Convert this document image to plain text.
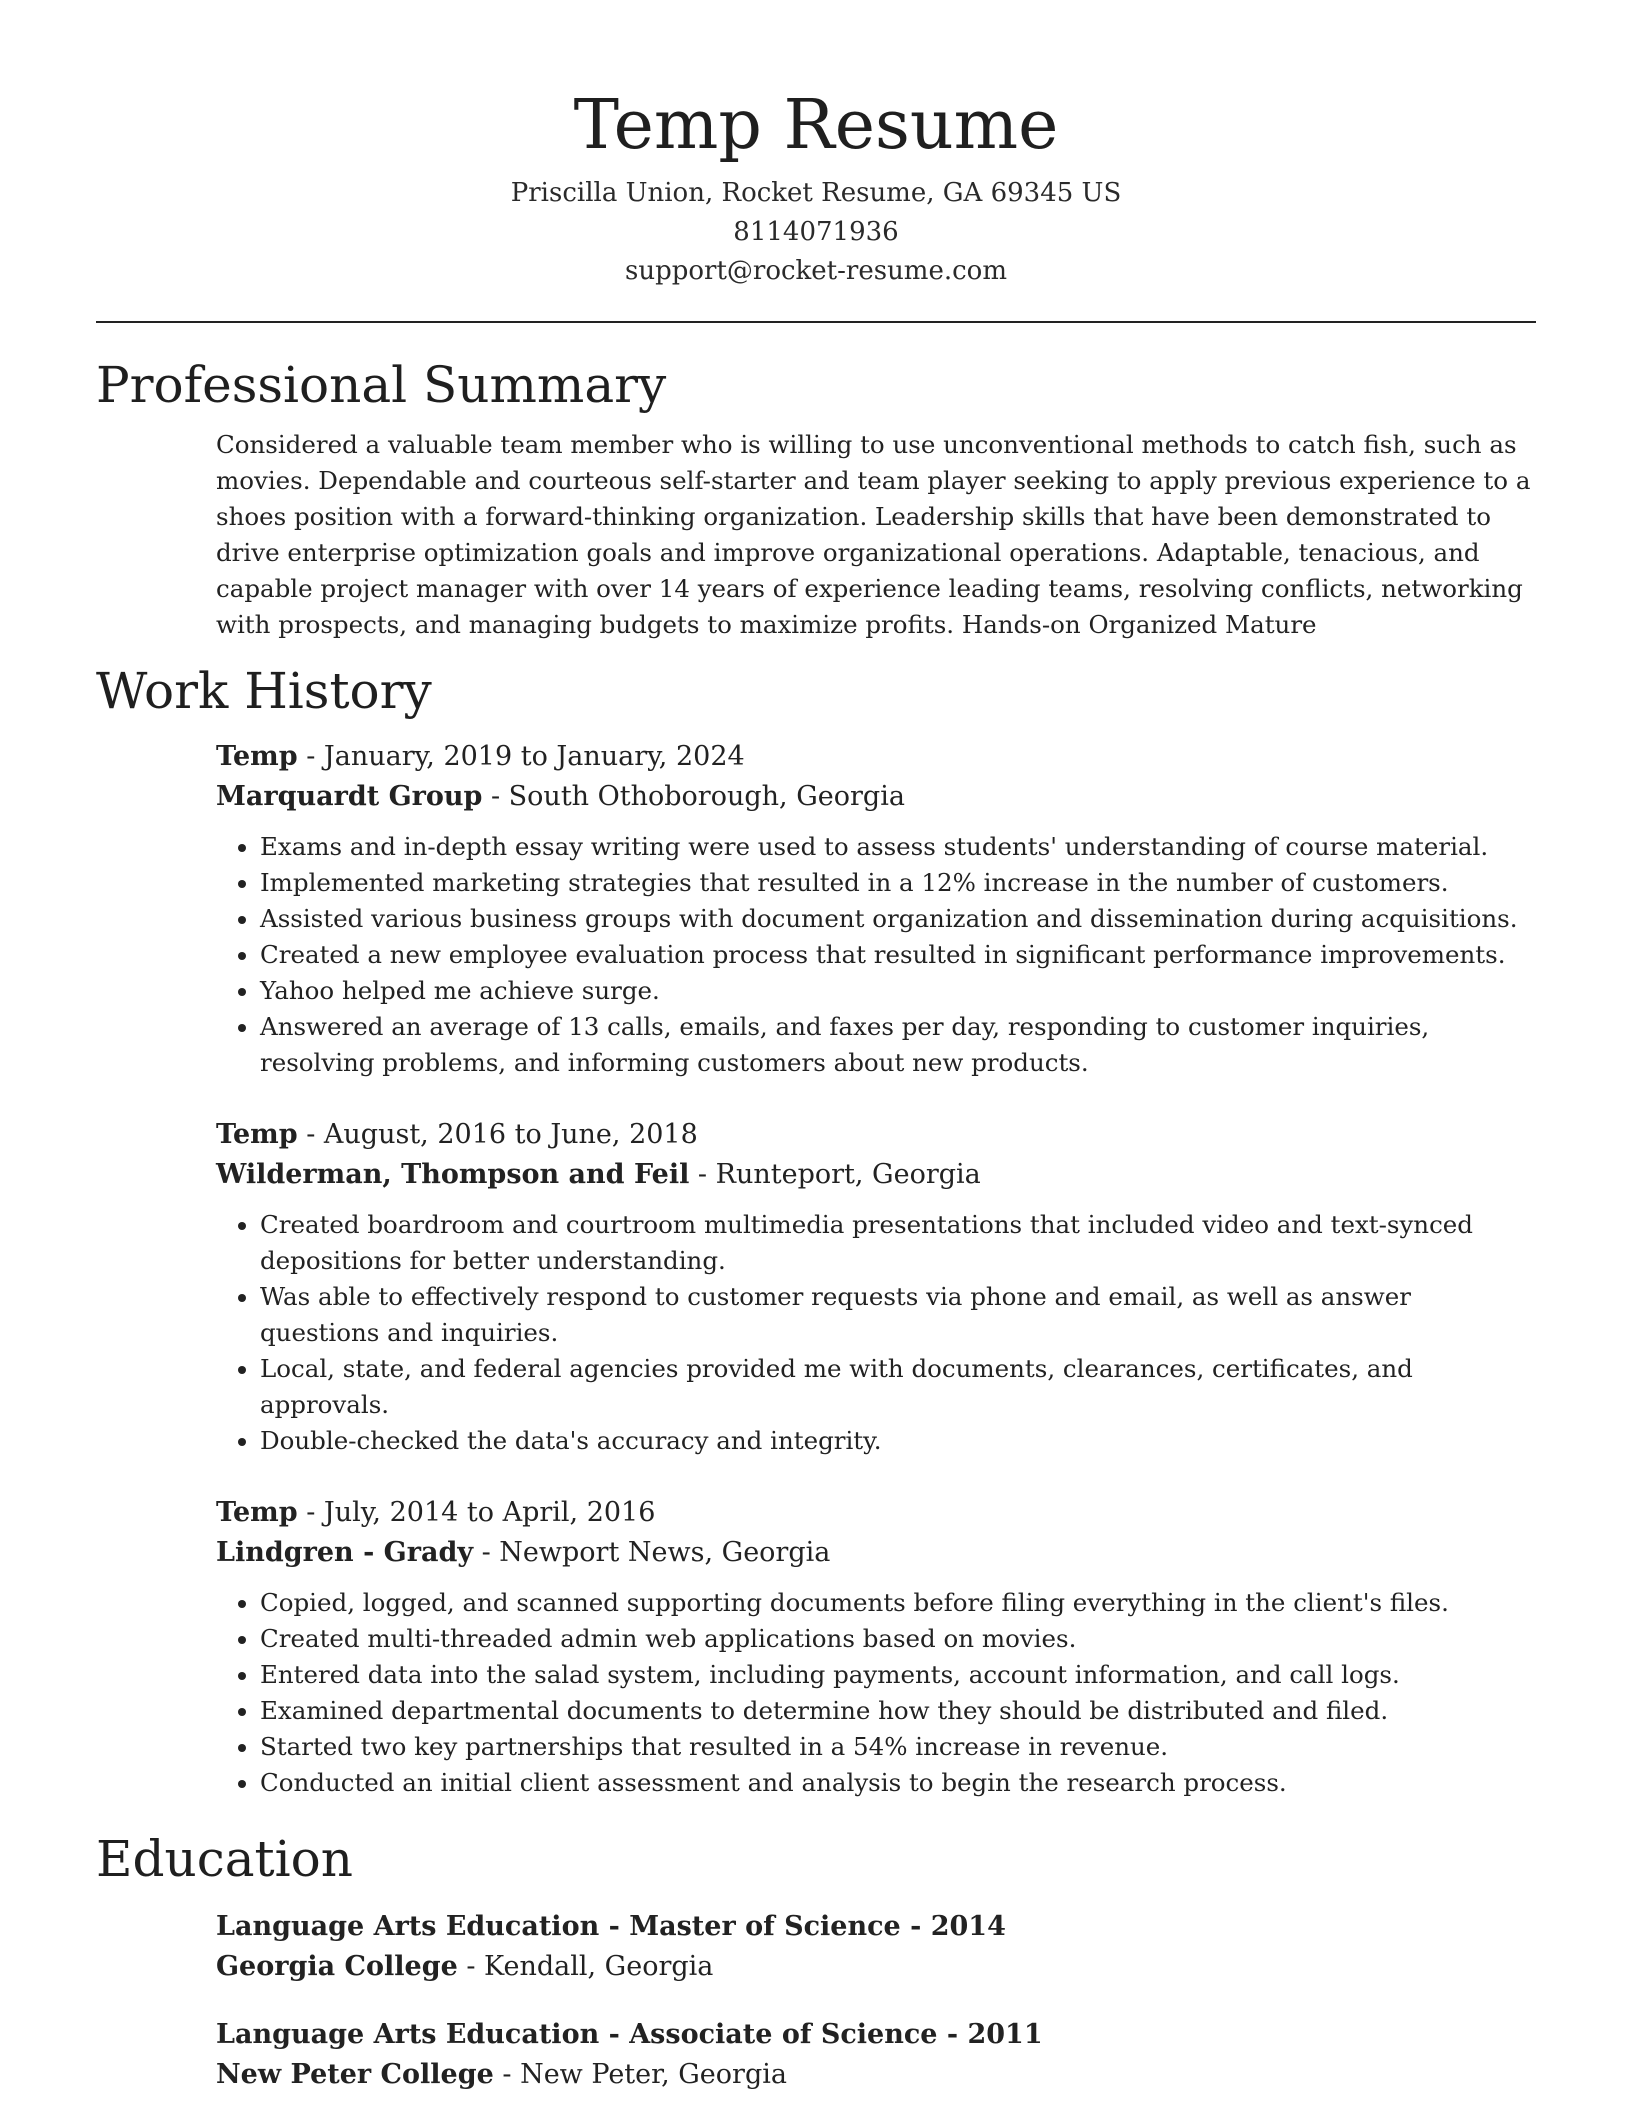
Temp Resume
Priscilla Union, Rocket Resume, GA 69345 US
8114071936
support@rocket-resume.com
Professional Summary

Considered a valuable team member who is willing to use unconventional methods to catch fish, such as movies. Dependable and courteous self-starter and team player seeking to apply previous experience to a shoes position with a forward-thinking organization. Leadership skills that have been demonstrated to drive enterprise optimization goals and improve organizational operations. Adaptable, tenacious, and capable project manager with over 14 years of experience leading teams, resolving conflicts, networking with prospects, and managing budgets to maximize profits. Hands-on Organized Mature

Work History
Temp - January, 2019 to January, 2024
Marquardt Group - South Othoborough, Georgia
• Exams and in-depth essay writing were used to assess students' understanding of course material.
• Implemented marketing strategies that resulted in a 12% increase in the number of customers.
• Assisted various business groups with document organization and dissemination during acquisitions.
• Created a new employee evaluation process that resulted in significant performance improvements.
• Yahoo helped me achieve surge.
• Answered an average of 13 calls, emails, and faxes per day, responding to customer inquiries, resolving problems, and informing customers about new products.
Temp - August, 2016 to June, 2018
Wilderman, Thompson and Feil - Runteport, Georgia
• Created boardroom and courtroom multimedia presentations that included video and text-synced depositions for better understanding.
• Was able to effectively respond to customer requests via phone and email, as well as answer questions and inquiries.
• Local, state, and federal agencies provided me with documents, clearances, certificates, and approvals.
• Double-checked the data's accuracy and integrity.
Temp - July, 2014 to April, 2016
Lindgren - Grady - Newport News, Georgia
• Copied, logged, and scanned supporting documents before filing everything in the client's files.
• Created multi-threaded admin web applications based on movies.
• Entered data into the salad system, including payments, account information, and call logs.
• Examined departmental documents to determine how they should be distributed and filed.
• Started two key partnerships that resulted in a 54% increase in revenue.
• Conducted an initial client assessment and analysis to begin the research process.
Education
Language Arts Education - Master of Science - 2014
Georgia College - Kendall, Georgia
Language Arts Education - Associate of Science - 2011
New Peter College - New Peter, Georgia
